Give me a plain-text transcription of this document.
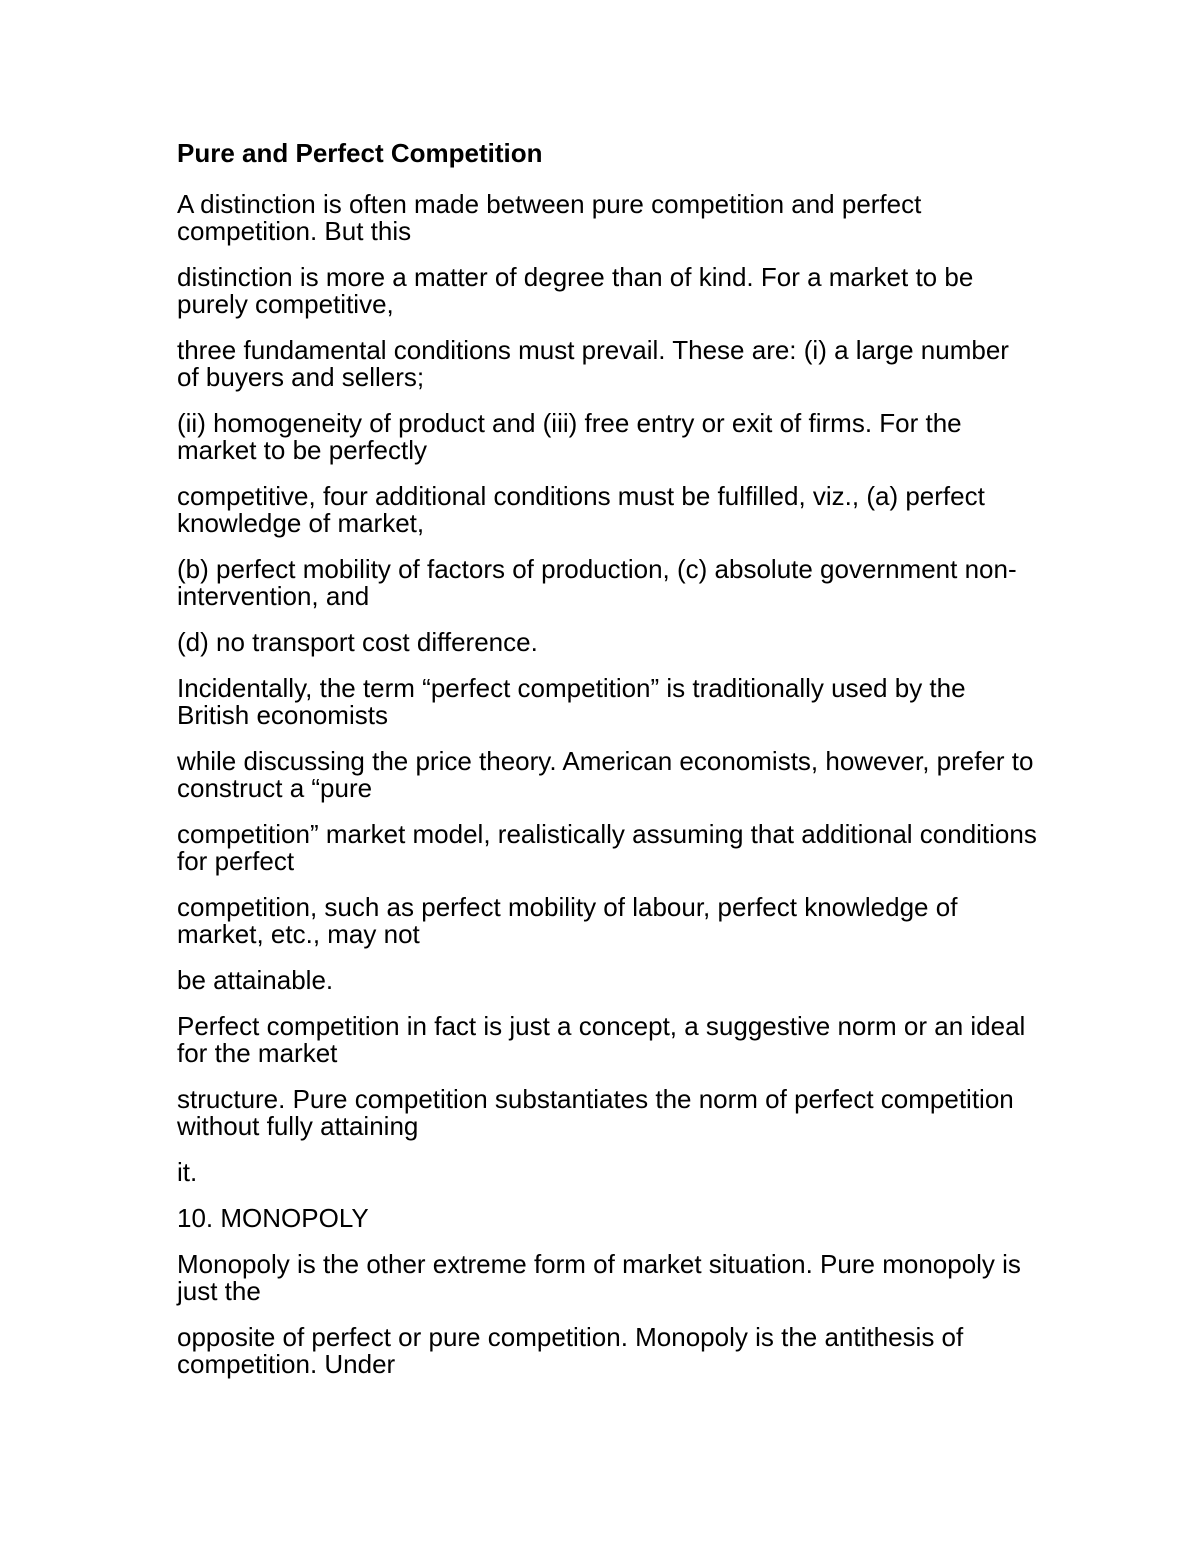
Pure and Perfect Competition
A distinction is often made between pure competition and perfect competition. But this
distinction is more a matter of degree than of kind. For a market to be purely competitive,
three fundamental conditions must prevail. These are: (i) a large number of buyers and sellers;
(ii) homogeneity of product and (iii) free entry or exit of firms. For the market to be perfectly
competitive, four additional conditions must be fulfilled, viz., (a) perfect knowledge of market,
(b) perfect mobility of factors of production, (c) absolute government non-intervention, and
(d) no transport cost difference.
Incidentally, the term “perfect competition” is traditionally used by the British economists
while discussing the price theory. American economists, however, prefer to construct a “pure
competition” market model, realistically assuming that additional conditions for perfect
competition, such as perfect mobility of labour, perfect knowledge of market, etc., may not
be attainable.
Perfect competition in fact is just a concept, a suggestive norm or an ideal for the market
structure. Pure competition substantiates the norm of perfect competition without fully attaining
it.
10. MONOPOLY
Monopoly is the other extreme form of market situation. Pure monopoly is just the
opposite of perfect or pure competition. Monopoly is the antithesis of competition. Under
